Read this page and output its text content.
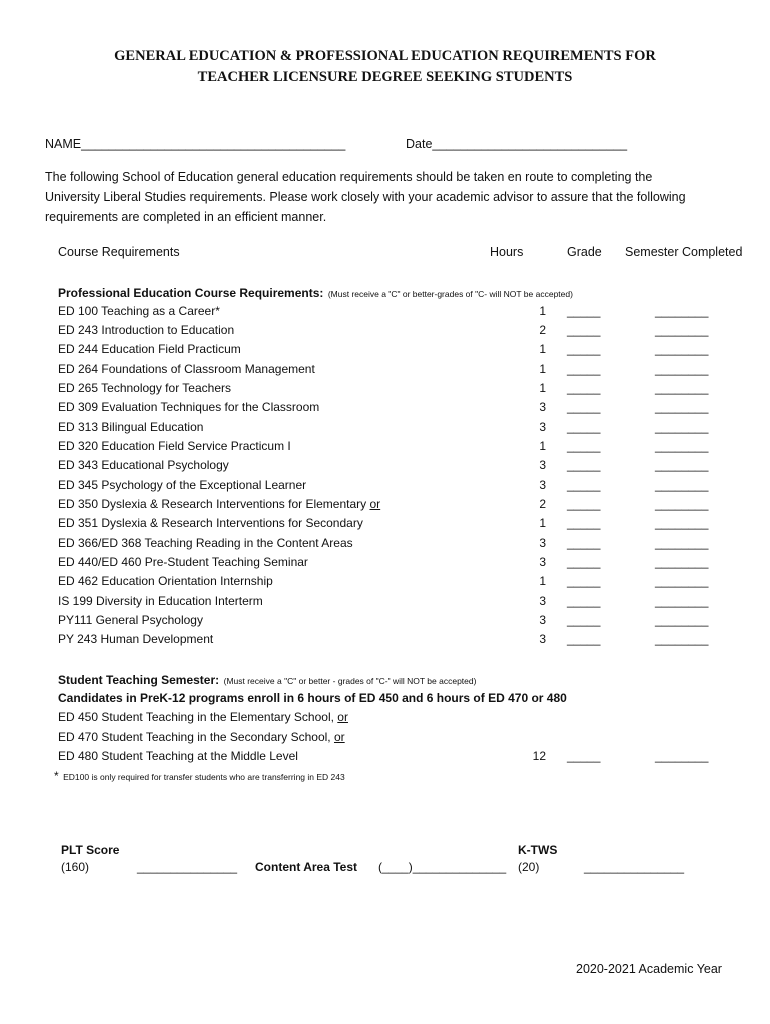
GENERAL EDUCATION & PROFESSIONAL EDUCATION REQUIREMENTS FOR
TEACHER LICENSURE DEGREE SEEKING STUDENTS
NAME______________________________________	Date____________________________
The following School of Education general education requirements should be taken en route to completing the
University Liberal Studies requirements. Please work closely with your academic advisor to assure that the following
requirements are completed in an efficient manner.
Course Requirements	Hours	Grade Semester Completed
Professional Education Course Requirements: (Must receive a "C" or better-grades of "C- will NOT be accepted)
ED 100 Teaching as a Career*	1 _____	________
ED 243 Introduction to Education	2 _____	________
ED 244 Education Field Practicum	1 _____	________
ED 264 Foundations of Classroom Management	1 _____	________
ED 265 Technology for Teachers	1 _____	________
ED 309 Evaluation Techniques for the Classroom	3 _____	________
ED 313 Bilingual Education	3 _____	________
ED 320 Education Field Service Practicum I	1 _____	________
ED 343 Educational Psychology	3 _____	________
ED 345 Psychology of the Exceptional Learner	3 _____	________
ED 350 Dyslexia & Research Interventions for Elementary or	2 _____	________
ED 351 Dyslexia & Research Interventions for Secondary	1 _____	________
ED 366/ED 368 Teaching Reading in the Content Areas	3 _____	________
ED 440/ED 460 Pre-Student Teaching Seminar	3 _____	________
ED 462 Education Orientation Internship	1 _____	________
IS 199 Diversity in Education Interterm	3 _____	________
PY111 General Psychology	3 _____	________
PY 243 Human Development	3 _____	________
Student Teaching Semester: (Must receive a "C" or better - grades of "C-" will NOT be accepted)
Candidates in PreK-12 programs enroll in 6 hours of ED 450 and 6 hours of ED 470 or 480
ED 450 Student Teaching in the Elementary School, or
ED 470 Student Teaching in the Secondary School, or
ED 480 Student Teaching at the Middle Level	12 _____	________
* ED100 is only required for transfer students who are transferring in ED 243
PLT Score
(160)	_______________ Content Area Test (____)______________
K-TWS
(20)	_______________
2020-2021 Academic Year
